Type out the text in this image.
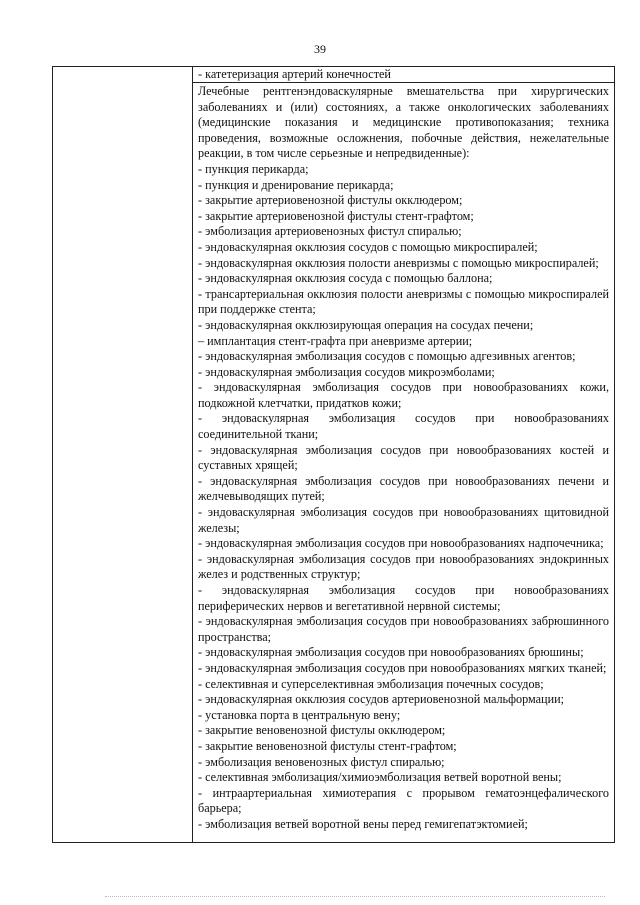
39
- катетеризация артерий конечностей

Лечебные рентгенэндоваскулярные вмешательства при хирургических заболеваниях и (или) состояниях, а также онкологических заболеваниях (медицинские показания и медицинские противопоказания; техника проведения, возможные осложнения, побочные действия, нежелательные реакции, в том числе серьезные и непредвиденные):

- пункция перикарда;

- пункция и дренирование перикарда;

- закрытие артериовенозной фистулы окклюдером;

- закрытие артериовенозной фистулы стент-графтом;

- эмболизация артериовенозных фистул спиралью;

- эндоваскулярная окклюзия сосудов с помощью микроспиралей;

- эндоваскулярная окклюзия полости аневризмы с помощью микроспиралей;

- эндоваскулярная окклюзия сосуда с помощью баллона;

- трансартериальная окклюзия полости аневризмы с помощью микроспиралей при поддержке стента;

- эндоваскулярная окклюзирующая операция на сосудах печени;

– имплантация стент-графта при аневризме артерии;

- эндоваскулярная эмболизация сосудов с помощью адгезивных агентов;

- эндоваскулярная эмболизация сосудов микроэмболами;

- эндоваскулярная эмболизация сосудов при новообразованиях кожи, подкожной клетчатки, придатков кожи;

- эндоваскулярная эмболизация сосудов при новообразованиях соединительной ткани;

- эндоваскулярная эмболизация сосудов при новообразованиях костей и суставных хрящей;

- эндоваскулярная эмболизация сосудов при новообразованиях печени и желчевыводящих путей;

- эндоваскулярная эмболизация сосудов при новообразованиях щитовидной железы;

- эндоваскулярная эмболизация сосудов при новообразованиях надпочечника;

- эндоваскулярная эмболизация сосудов при новообразованиях эндокринных желез и родственных структур;

- эндоваскулярная эмболизация сосудов при новообразованиях периферических нервов и вегетативной нервной системы;

- эндоваскулярная эмболизация сосудов при новообразованиях забрюшинного пространства;

- эндоваскулярная эмболизация сосудов при новообразованиях брюшины;

- эндоваскулярная эмболизация сосудов при новообразованиях мягких тканей;

- селективная и суперселективная эмболизация почечных сосудов;

- эндоваскулярная окклюзия сосудов артериовенозной мальформации;

- установка порта в центральную вену;

- закрытие веновенозной фистулы окклюдером;

- закрытие веновенозной фистулы стент-графтом;

- эмболизация веновенозных фистул спиралью;

- селективная эмболизация/химиоэмболизация ветвей воротной вены;

- интраартериальная химиотерапия с прорывом гематоэнцефалического барьера;

- эмболизация ветвей воротной вены перед гемигепатэктомией;
